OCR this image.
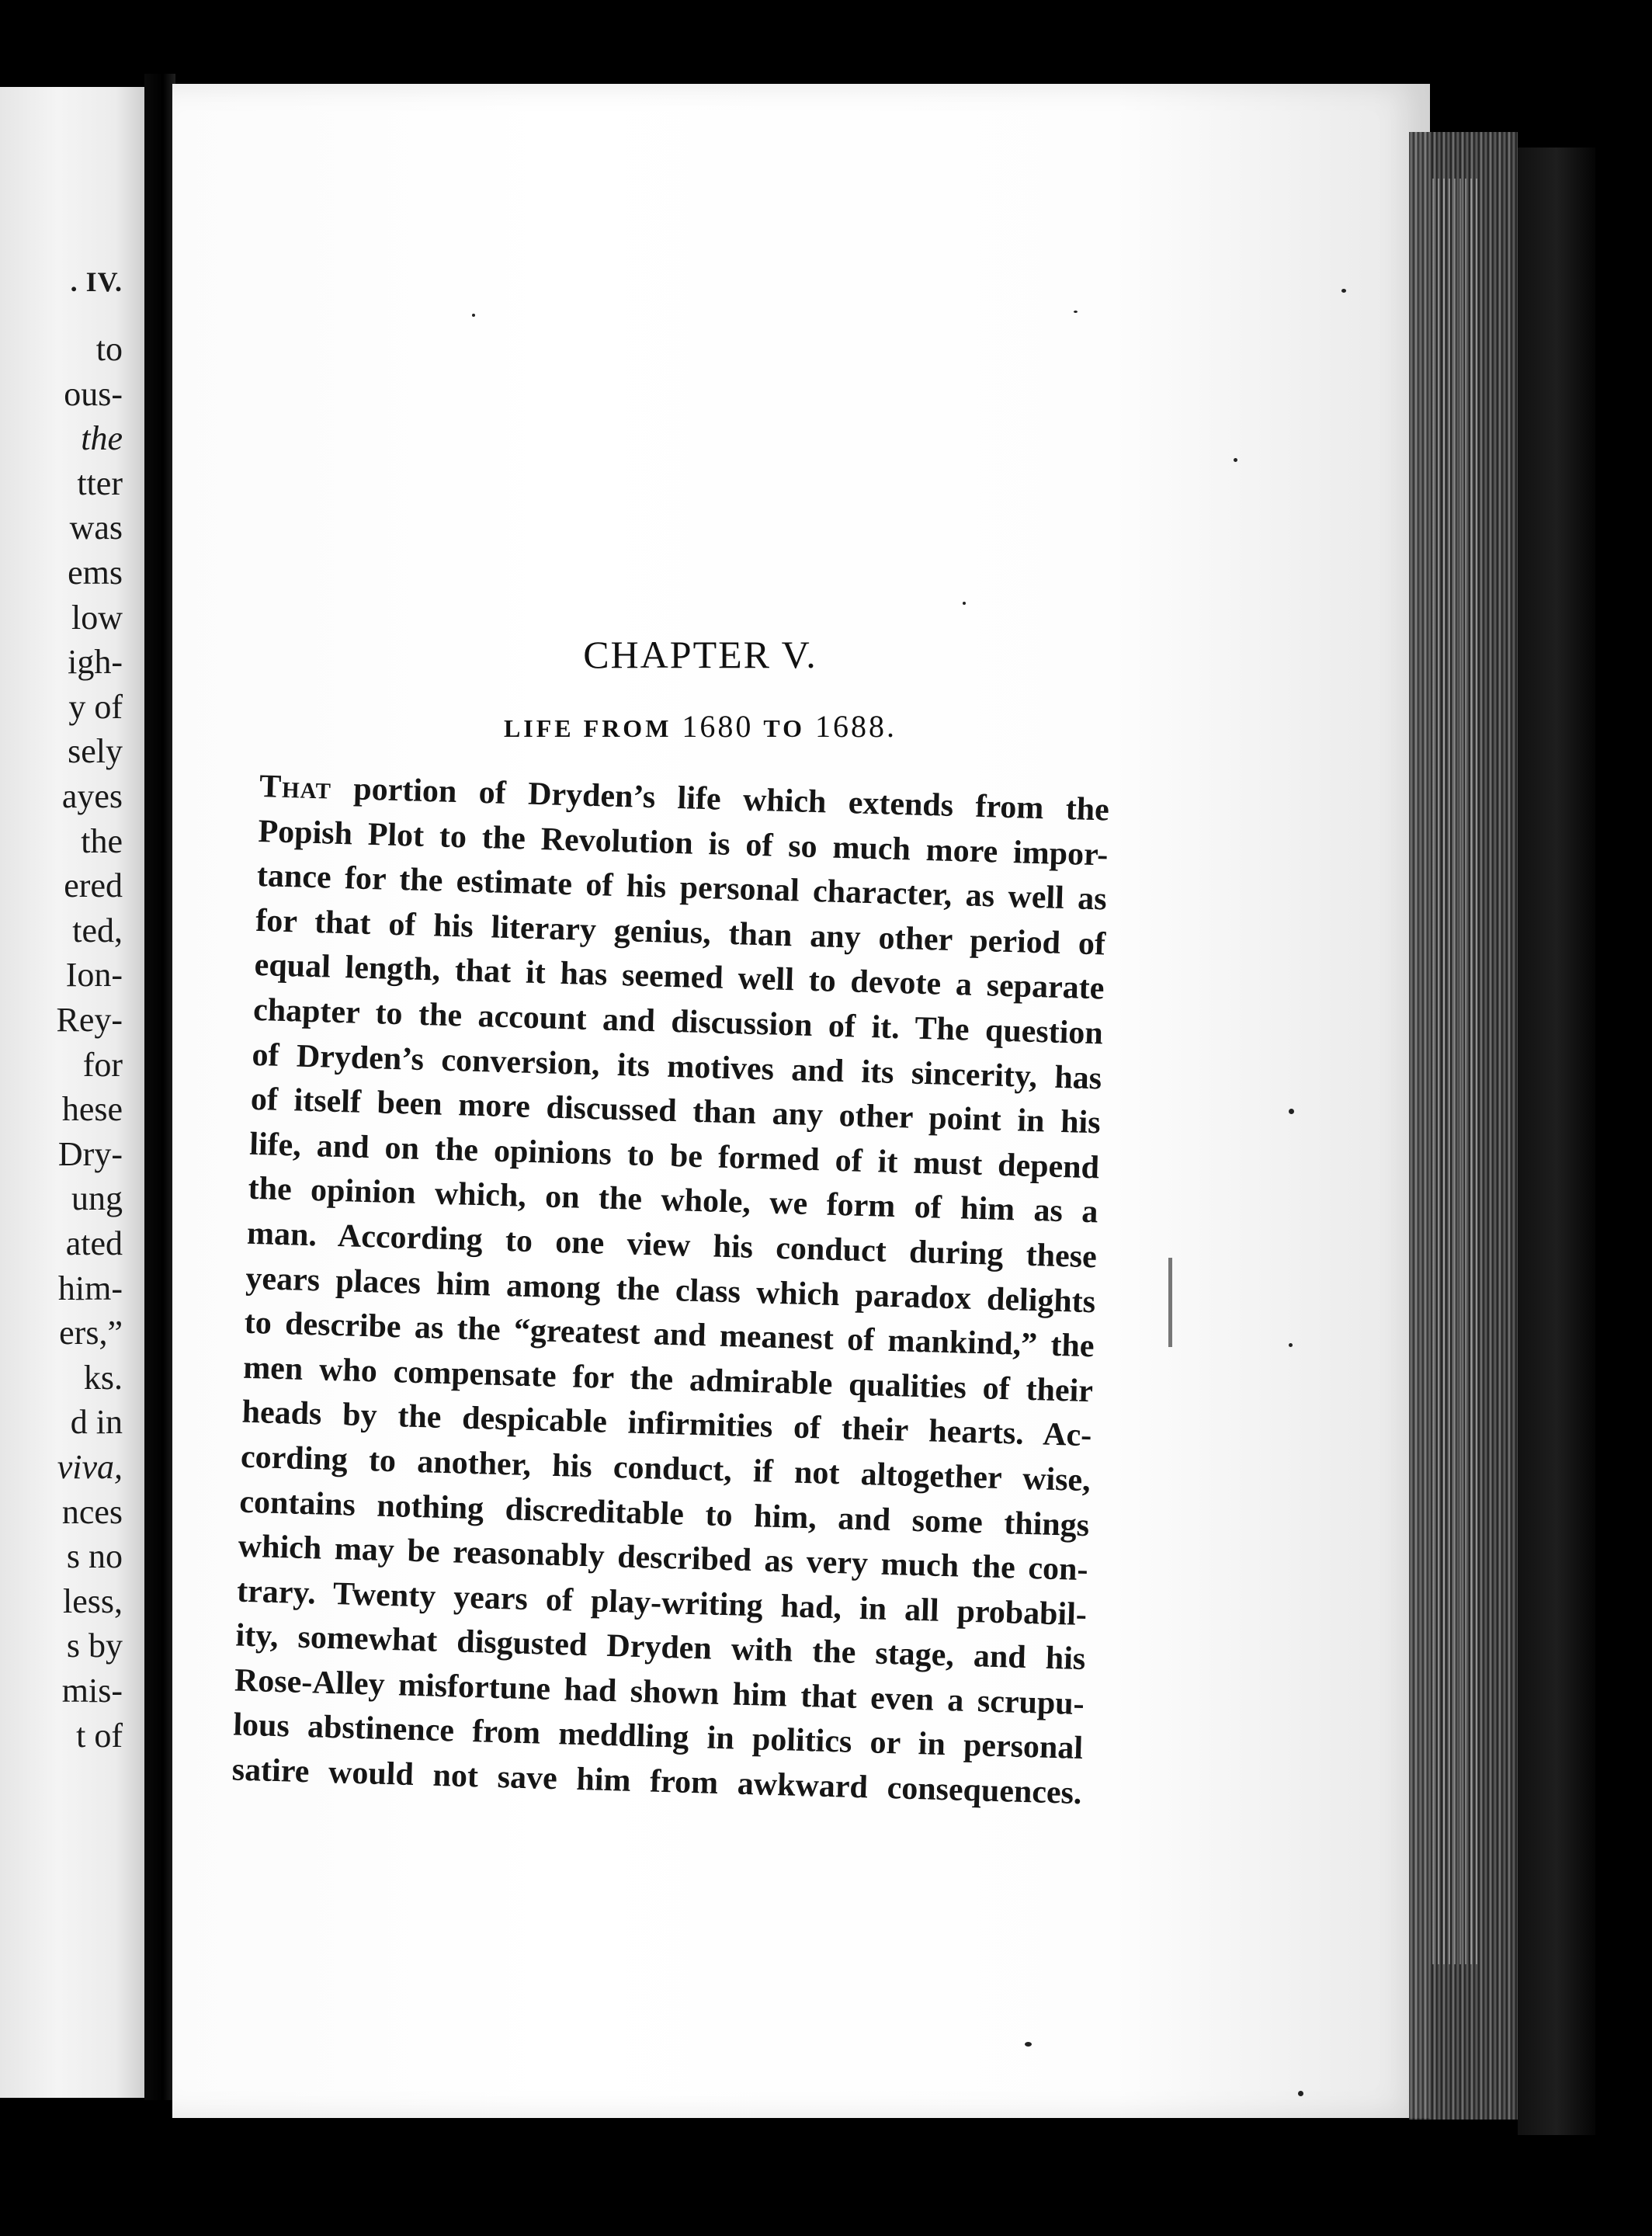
. IV.
to
ous-
the
tter
was
ems
low
igh-
y of
sely
ayes
the
ered
ted,
Ion-
Rey-
for
hese
Dry-
ung
ated
him-
ers,”
ks.
d in
viva,
nces
s no
less,
s by
mis-
t of
CHAPTER V.
LIFE FROM 1680 TO 1688.
That portion of Dryden’s life which extends from the
Popish Plot to the Revolution is of so much more impor-
tance for the estimate of his personal character, as well as
for that of his literary genius, than any other period of
equal length, that it has seemed well to devote a separate
chapter to the account and discussion of it. The question
of Dryden’s conversion, its motives and its sincerity, has
of itself been more discussed than any other point in his
life, and on the opinions to be formed of it must depend
the opinion which, on the whole, we form of him as a
man. According to one view his conduct during these
years places him among the class which paradox delights
to describe as the “greatest and meanest of mankind,” the
men who compensate for the admirable qualities of their
heads by the despicable infirmities of their hearts. Ac-
cording to another, his conduct, if not altogether wise,
contains nothing discreditable to him, and some things
which may be reasonably described as very much the con-
trary. Twenty years of play-writing had, in all probabil-
ity, somewhat disgusted Dryden with the stage, and his
Rose-Alley misfortune had shown him that even a scrupu-
lous abstinence from meddling in politics or in personal
satire would not save him from awkward consequences.
